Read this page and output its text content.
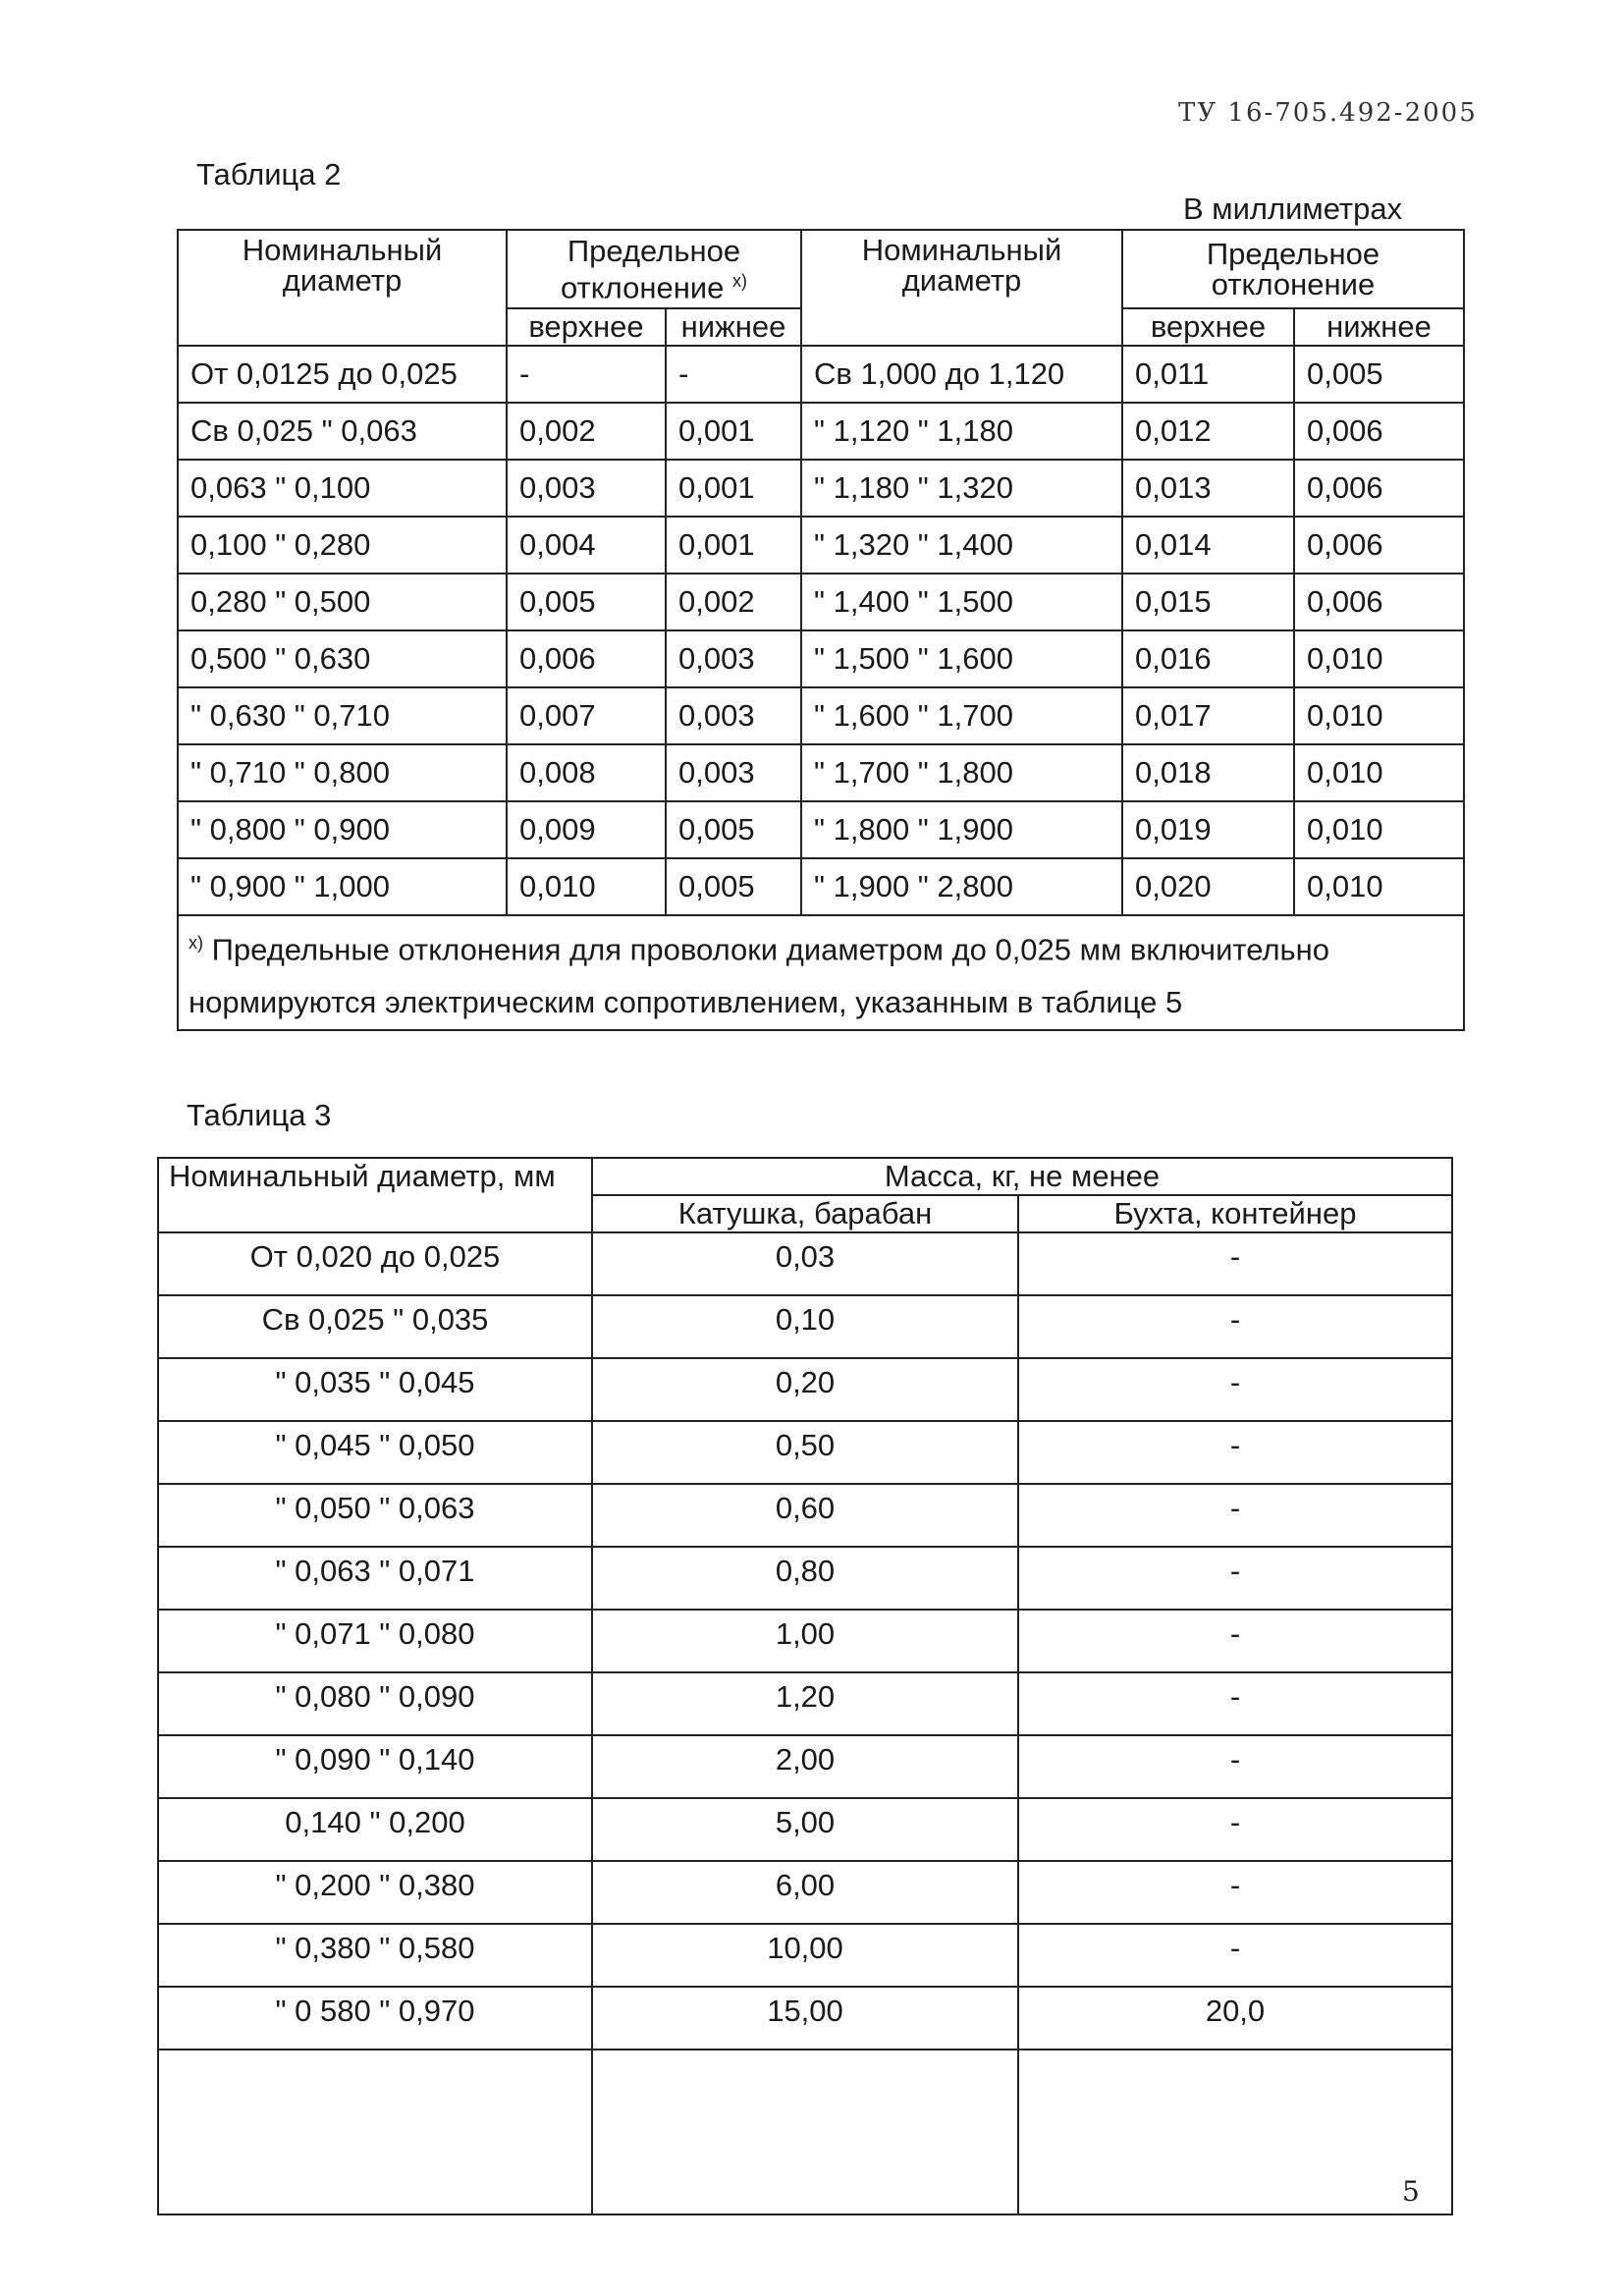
ТУ 16-705.492-2005
Таблица 2
В миллиметрах
Номинальный диаметр	Предельное отклонение $^{x)}$		Номинальный диаметр	Предельное отклонение	
	верхнее	нижнее		верхнее	нижнее
От 0,0125 до 0,025	-	-	Св 1,000 до 1,120	0,011	0,005
Св 0,025 " 0,063	0,002	0,001	" 1,120 " 1,180	0,012	0,006
0,063 " 0,100	0,003	0,001	" 1,180 " 1,320	0,013	0,006
0,100 " 0,280	0,004	0,001	" 1,320 " 1,400	0,014	0,006
0,280 " 0,500	0,005	0,002	" 1,400 " 1,500	0,015	0,006
0,500 " 0,630	0,006	0,003	" 1,500 " 1,600	0,016	0,010
" 0,630 " 0,710	0,007	0,003	" 1,600 " 1,700	0,017	0,010
" 0,710 " 0,800	0,008	0,003	" 1,700 " 1,800	0,018	0,010
" 0,800 " 0,900	0,009	0,005	" 1,800 " 1,900	0,019	0,010
" 0,900 " 1,000	0,010	0,005	" 1,900 " 2,800	0,020	0,010
$^{x)}$ Предельные отклонения для проволоки диаметром до 0,025 мм включительно нормируются электрическим сопротивлением, указанным в таблице 5					
Таблица 3
Номинальный диаметр, мм	Масса, кг, не менее	
	Катушка, барабан	Бухта, контейнер
От 0,020 до 0,025	0,03	-
Св 0,025 " 0,035	0,10	-
" 0,035 " 0,045	0,20	-
" 0,045 " 0,050	0,50	-
" 0,050 " 0,063	0,60	-
" 0,063 " 0,071	0,80	-
" 0,071 " 0,080	1,00	-
" 0,080 " 0,090	1,20	-
" 0,090 " 0,140	2,00	-
0,140 " 0,200	5,00	-
" 0,200 " 0,380	6,00	-
" 0,380 " 0,580	10,00	-
" 0 580 " 0,970	15,00	20,0

5
